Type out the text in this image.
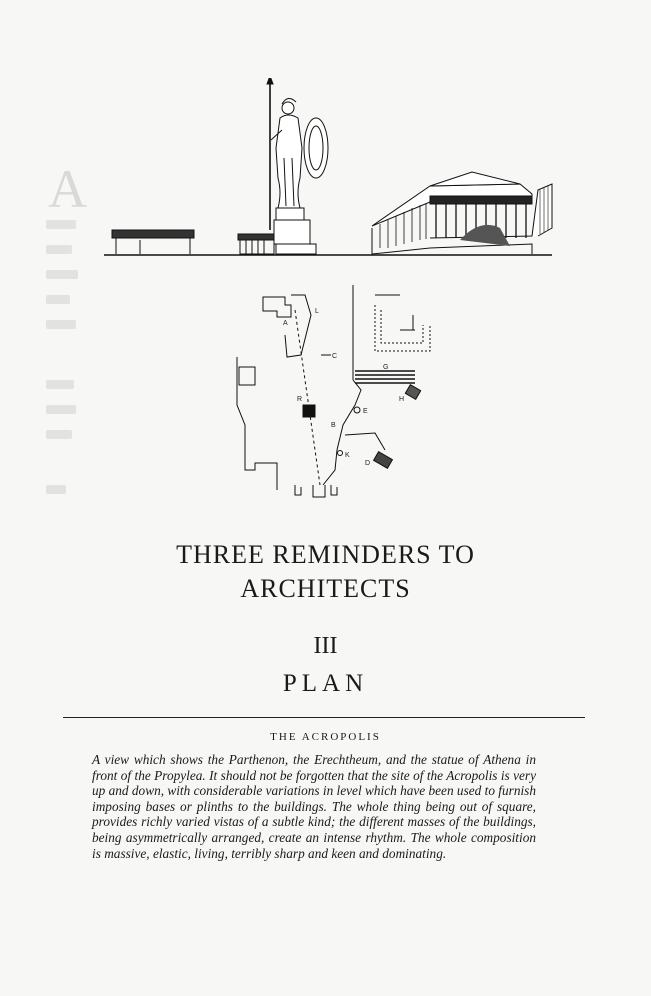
A
A
L
C
R
E
G
H
B
K
D
THREE REMINDERS TO
ARCHITECTS
III
PLAN
THE ACROPOLIS

A view which shows the Parthenon, the Erechtheum, and the statue of Athena in front of the Propylea. It should not be forgotten that the site of the Acropolis is very up and down, with considerable variations in level which have been used to furnish imposing bases or plinths to the buildings. The whole thing being out of square, provides richly varied vistas of a subtle kind; the different masses of the buildings, being asymmetrically arranged, create an intense rhythm. The whole composition is massive, elastic, living, terribly sharp and keen and dominating.
